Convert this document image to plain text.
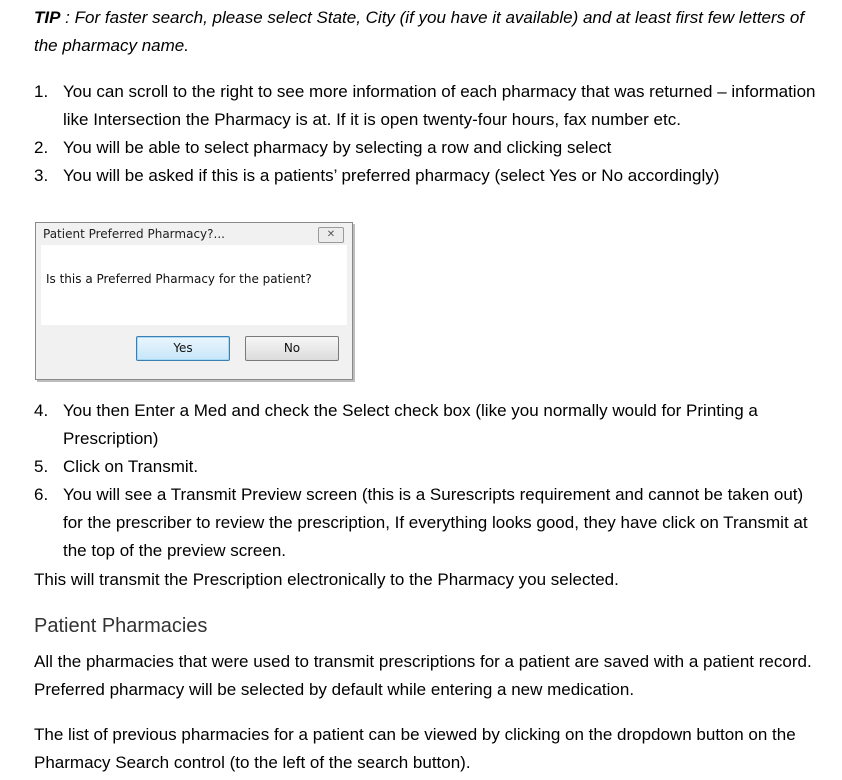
TIP : For faster search, please select State, City (if you have it available) and at least first few letters of the pharmacy name.
1. You can scroll to the right to see more information of each pharmacy that was returned – information like Intersection the Pharmacy is at. If it is open twenty-four hours, fax number etc.
2. You will be able to select pharmacy by selecting a row and clicking select
3. You will be asked if this is a patients’ preferred pharmacy (select Yes or No accordingly)
Patient Preferred Pharmacy?...	✕
Is this a Preferred Pharmacy for the patient?
Yes	No
4. You then Enter a Med and check the Select check box (like you normally would for Printing a Prescription)
5. Click on Transmit.
6. You will see a Transmit Preview screen (this is a Surescripts requirement and cannot be taken out) for the prescriber to review the prescription, If everything looks good, they have click on Transmit at the top of the preview screen.
This will transmit the Prescription electronically to the Pharmacy you selected.
Patient Pharmacies
All the pharmacies that were used to transmit prescriptions for a patient are saved with a patient record. Preferred pharmacy will be selected by default while entering a new medication.
The list of previous pharmacies for a patient can be viewed by clicking on the dropdown button on the Pharmacy Search control (to the left of the search button).
